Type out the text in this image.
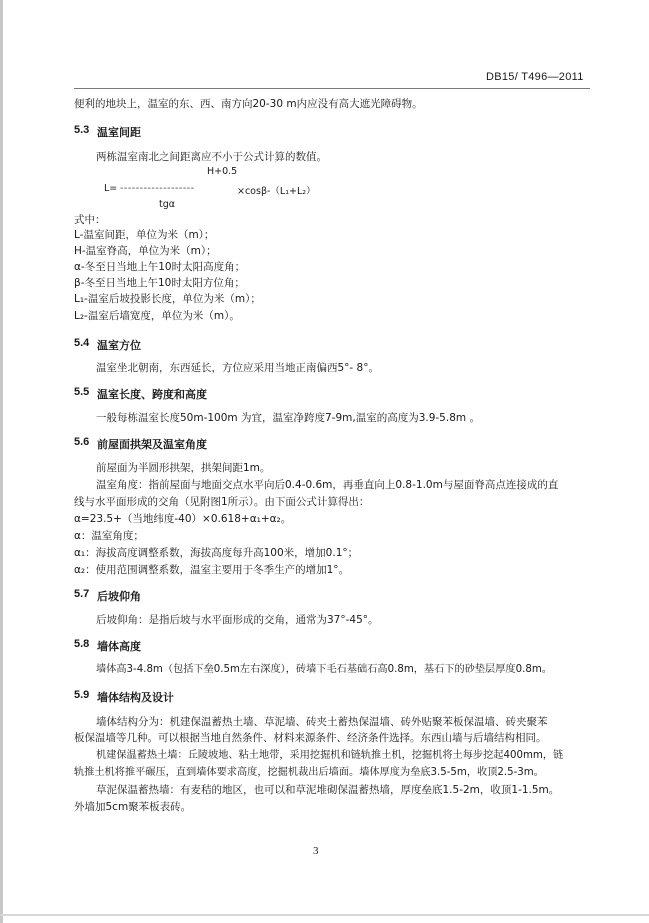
DB15/ T496—2011
便利的地块上，温室的东、西、南方向20-30 m内应没有高大遮光障碍物。
5.3 温室间距
两栋温室南北之间距离应不小于公式计算的数值。
H+0.5
L= -------------------	×cosβ-（L₁+L₂）
tgα
式中：
L-温室间距，单位为米（m）；
H-温室脊高，单位为米（m）；
α-冬至日当地上午10时太阳高度角；
β-冬至日当地上午10时太阳方位角；
L₁-温室后坡投影长度，单位为米（m）；
L₂-温室后墙宽度，单位为米（m）。
5.4 温室方位
温室坐北朝南，东西延长，方位应采用当地正南偏西5°- 8°。
5.5 温室长度、跨度和高度
一般每栋温室长度50m-100m 为宜，温室净跨度7-9m,温室的高度为3.9-5.8m 。
5.6 前屋面拱架及温室角度
前屋面为半圆形拱架，拱架间距1m。
温室角度：指前屋面与地面交点水平向后0.4-0.6m，再垂直向上0.8-1.0m与屋面脊高点连接成的直
线与水平面形成的交角（见附图1所示）。由下面公式计算得出：
α=23.5+（当地纬度-40）×0.618+α₁+α₂。
α：温室角度；
α₁：海拔高度调整系数，海拔高度每升高100米，增加0.1°；
α₂：使用范围调整系数，温室主要用于冬季生产的增加1°。
5.7 后坡仰角
后坡仰角：是指后坡与水平面形成的交角，通常为37°-45°。
5.8 墙体高度
墙体高3-4.8m（包括下垒0.5m左右深度），砖墙下毛石基础石高0.8m，基石下的砂垫层厚度0.8m。
5.9 墙体结构及设计
墙体结构分为：机建保温蓄热土墙、草泥墙、砖夹土蓄热保温墙、砖外贴聚苯板保温墙、砖夹聚苯
板保温墙等几种。可以根据当地自然条件、材料来源条件、经济条件选择。东西山墙与后墙结构相同。
机建保温蓄热土墙：丘陵坡地、粘土地带，采用挖掘机和链轨推土机，挖掘机将土每步挖起400mm，链
轨推土机将推平碾压，直到墙体要求高度，挖掘机裁出后墙面。墙体厚度为垒底3.5-5m，收顶2.5-3m。
草泥保温蓄热墙：有麦秸的地区，也可以和草泥堆砌保温蓄热墙，厚度垒底1.5-2m，收顶1-1.5m。
外墙加5cm聚苯板表砖。
3
